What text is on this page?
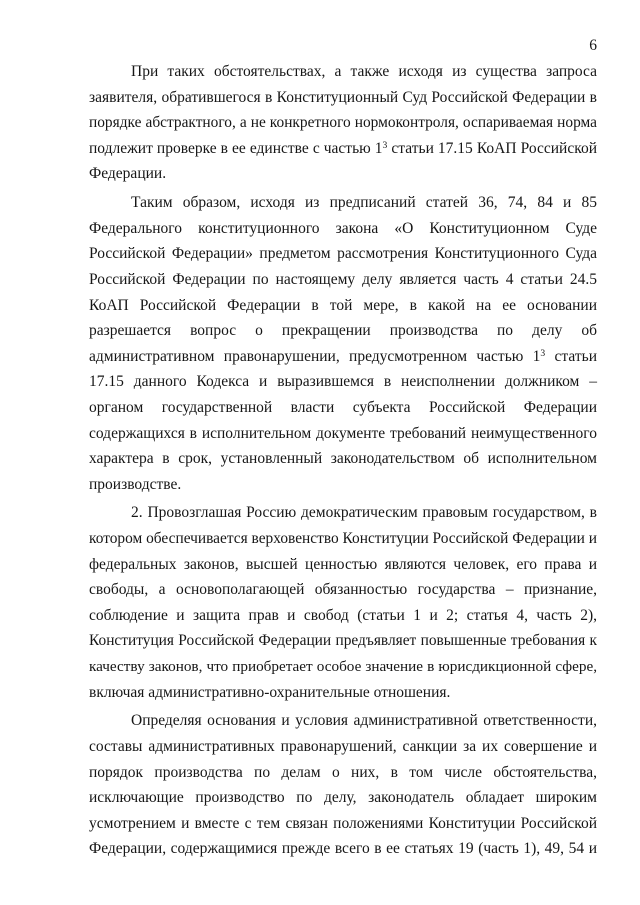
6
При таких обстоятельствах, а также исходя из существа запроса
заявителя, обратившегося в Конституционный Суд Российской Федерации в
порядке абстрактного, а не конкретного нормоконтроля, оспариваемая норма
подлежит проверке в ее единстве с частью $1^3$ статьи 17.15 КоАП Российской
Федерации.
Таким образом, исходя из предписаний статей 36, 74, 84 и 85
Федерального конституционного закона «О Конституционном Суде
Российской Федерации» предметом рассмотрения Конституционного Суда
Российской Федерации по настоящему делу является часть 4 статьи 24.5
КоАП Российской Федерации в той мере, в какой на ее основании
разрешается вопрос о прекращении производства по делу об
административном правонарушении, предусмотренном частью $1^3$ статьи
17.15 данного Кодекса и выразившемся в неисполнении должником –
органом государственной власти субъекта Российской Федерации
содержащихся в исполнительном документе требований неимущественного
характера в срок, установленный законодательством об исполнительном
производстве.
2. Провозглашая Россию демократическим правовым государством, в
котором обеспечивается верховенство Конституции Российской Федерации и
федеральных законов, высшей ценностью являются человек, его права и
свободы, а основополагающей обязанностью государства – признание,
соблюдение и защита прав и свобод (статьи 1 и 2; статья 4, часть 2),
Конституция Российской Федерации предъявляет повышенные требования к
качеству законов, что приобретает особое значение в юрисдикционной сфере,
включая административно-охранительные отношения.
Определяя основания и условия административной ответственности,
составы административных правонарушений, санкции за их совершение и
порядок производства по делам о них, в том числе обстоятельства,
исключающие производство по делу, законодатель обладает широким
усмотрением и вместе с тем связан положениями Конституции Российской
Федерации, содержащимися прежде всего в ее статьях 19 (часть 1), 49, 54 и
